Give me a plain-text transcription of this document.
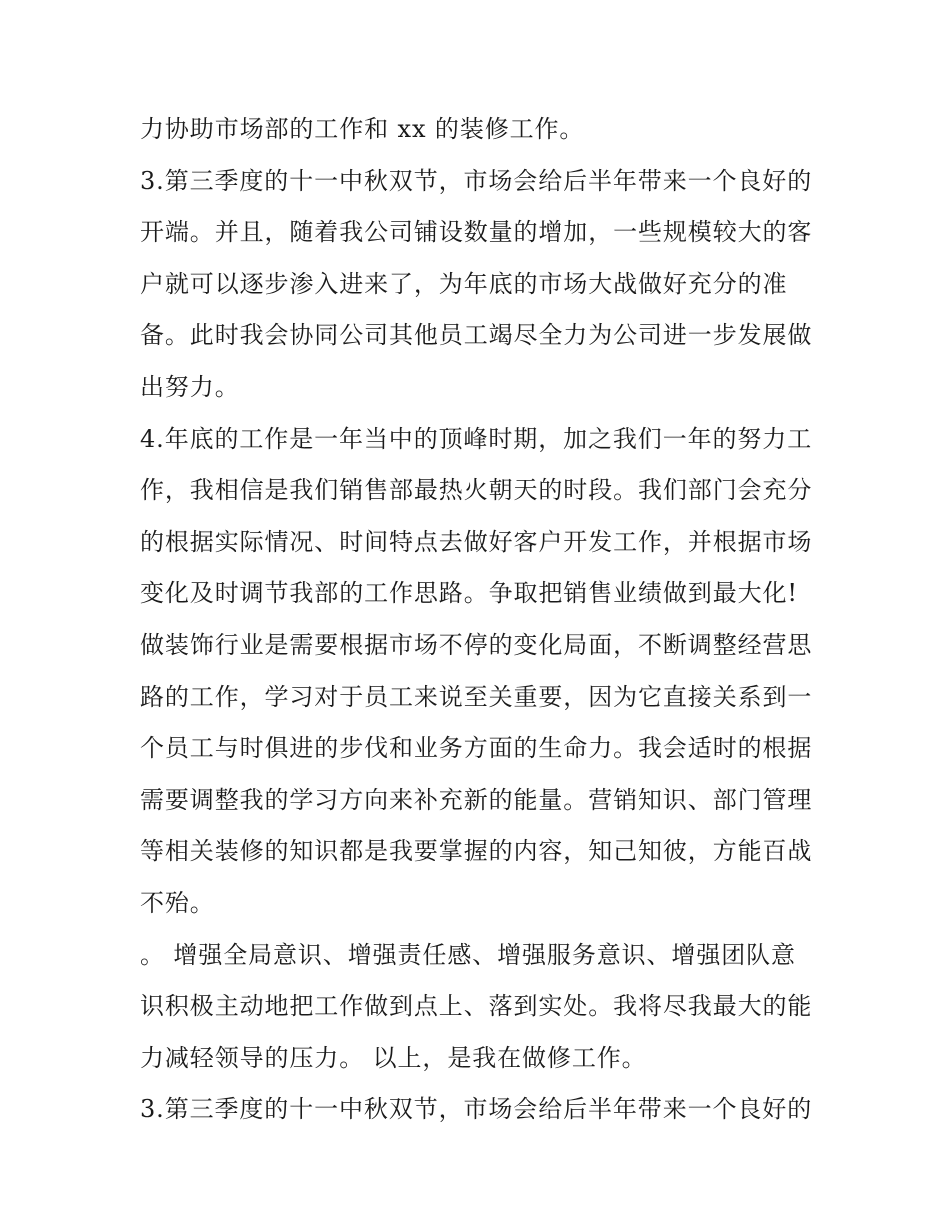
力协助市场部的工作和 xx 的装修工作。
3.第三季度的十一中秋双节，市场会给后半年带来一个良好的
开端。并且，随着我公司铺设数量的增加，一些规模较大的客
户就可以逐步渗入进来了，为年底的市场大战做好充分的准
备。此时我会协同公司其他员工竭尽全力为公司进一步发展做
出努力。
4.年底的工作是一年当中的顶峰时期，加之我们一年的努力工
作，我相信是我们销售部最热火朝天的时段。我们部门会充分
的根据实际情况、时间特点去做好客户开发工作，并根据市场
变化及时调节我部的工作思路。争取把销售业绩做到最大化!
做装饰行业是需要根据市场不停的变化局面，不断调整经营思
路的工作，学习对于员工来说至关重要，因为它直接关系到一
个员工与时俱进的步伐和业务方面的生命力。我会适时的根据
需要调整我的学习方向来补充新的能量。营销知识、部门管理
等相关装修的知识都是我要掌握的内容，知己知彼，方能百战
不殆。
。 增强全局意识、增强责任感、增强服务意识、增强团队意
识积极主动地把工作做到点上、落到实处。我将尽我最大的能
力减轻领导的压力。 以上，是我在做修工作。
3.第三季度的十一中秋双节，市场会给后半年带来一个良好的
